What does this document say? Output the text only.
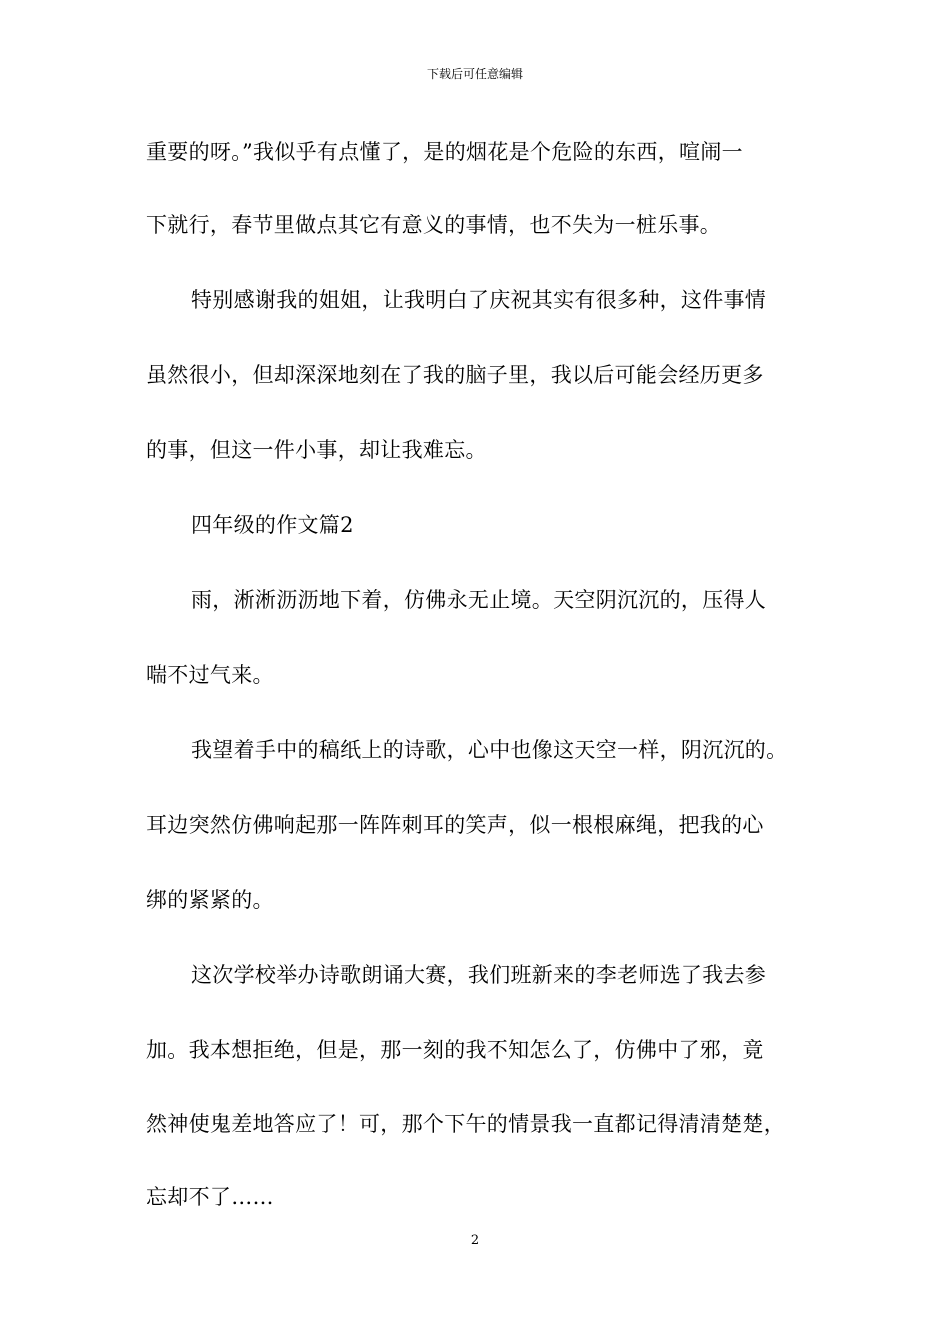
下载后可任意编辑
重要的呀。”我似乎有点懂了，是的烟花是个危险的东西，喧闹一
下就行，春节里做点其它有意义的事情，也不失为一桩乐事。
特别感谢我的姐姐，让我明白了庆祝其实有很多种，这件事情
虽然很小，但却深深地刻在了我的脑子里，我以后可能会经历更多
的事，但这一件小事，却让我难忘。
四年级的作文篇2
雨，淅淅沥沥地下着，仿佛永无止境。天空阴沉沉的，压得人
喘不过气来。
我望着手中的稿纸上的诗歌，心中也像这天空一样，阴沉沉的。
耳边突然仿佛响起那一阵阵刺耳的笑声，似一根根麻绳，把我的心
绑的紧紧的。
这次学校举办诗歌朗诵大赛，我们班新来的李老师选了我去参
加。我本想拒绝，但是，那一刻的我不知怎么了，仿佛中了邪，竟
然神使鬼差地答应了！可，那个下午的情景我一直都记得清清楚楚，
忘却不了……
2
